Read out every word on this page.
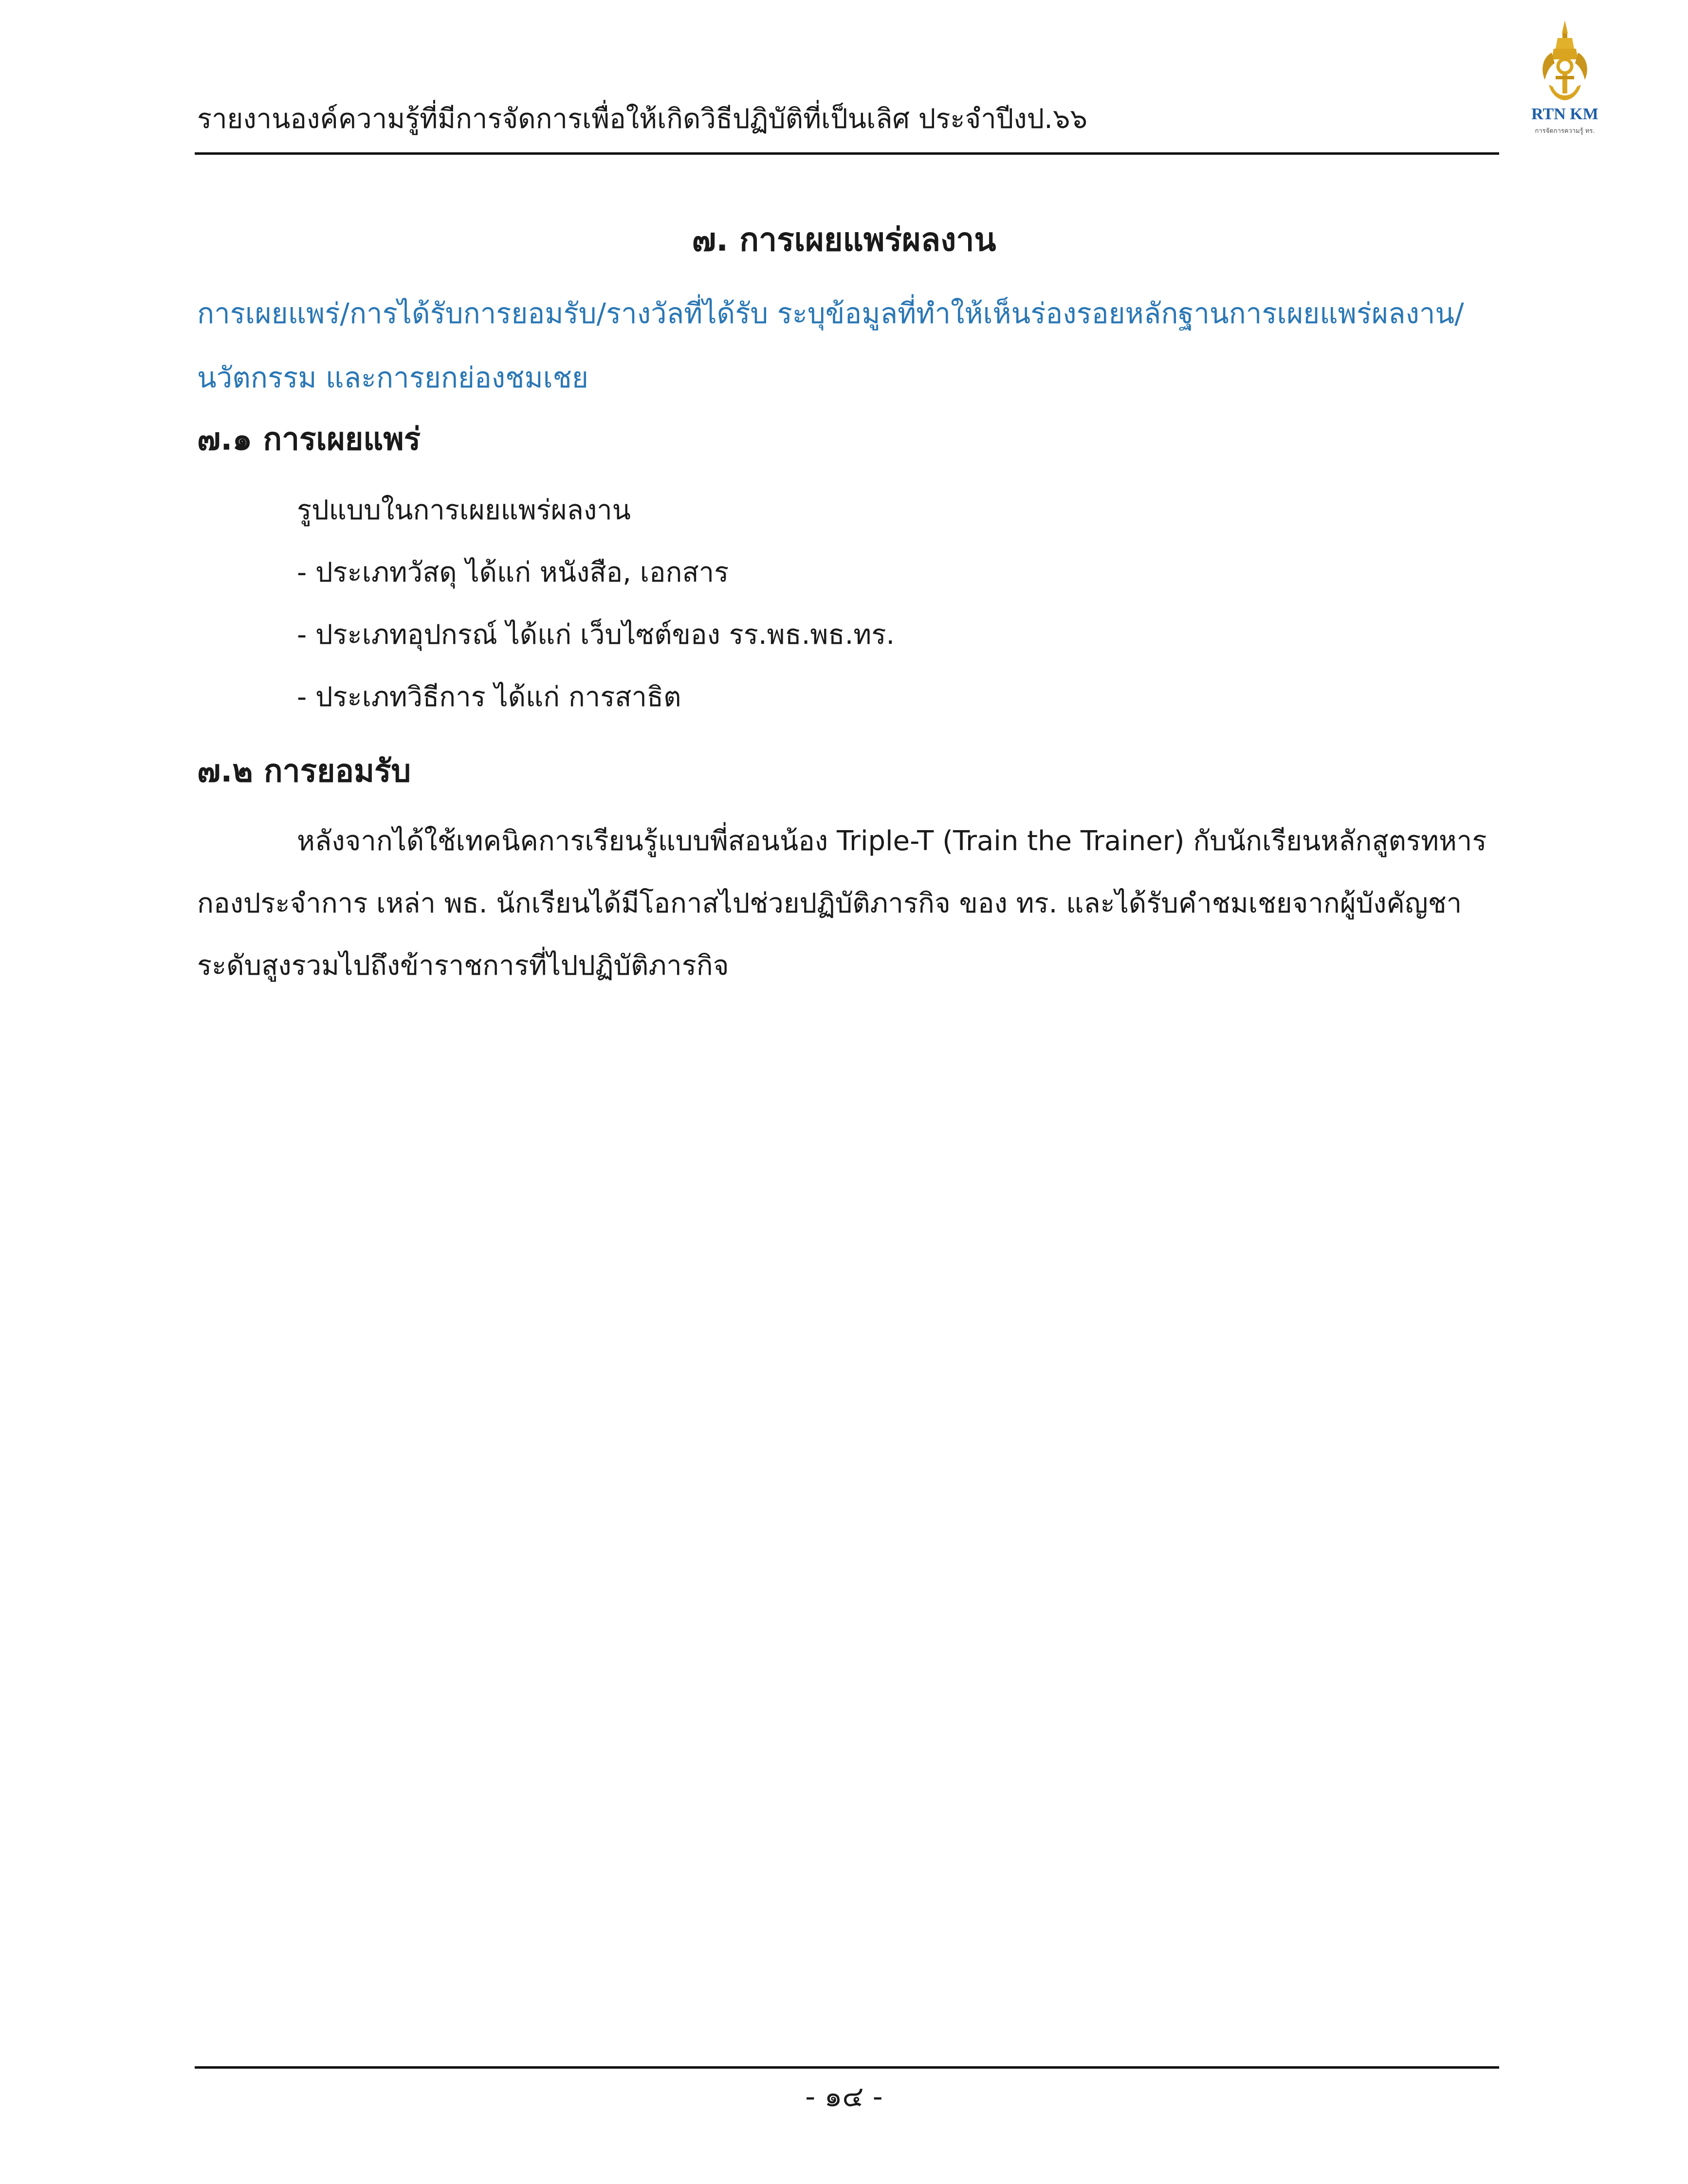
รายงานองค์ความรู้ที่มีการจัดการเพื่อให้เกิดวิธีปฏิบัติที่เป็นเลิศ ประจำปีงป.๖๖	RTN KM
การจัดการความรู้ ทร.
๗. การเผยแพร่ผลงาน
การเผยแพร่/การได้รับการยอมรับ/รางวัลที่ได้รับ ระบุข้อมูลที่ทำให้เห็นร่องรอยหลักฐานการเผยแพร่ผลงาน/
นวัตกรรม และการยกย่องชมเชย
๗.๑ การเผยแพร่
รูปแบบในการเผยแพร่ผลงาน
- ประเภทวัสดุ ได้แก่ หนังสือ, เอกสาร
- ประเภทอุปกรณ์ ได้แก่ เว็บไซต์ของ รร.พธ.พธ.ทร.
- ประเภทวิธีการ ได้แก่ การสาธิต
๗.๒ การยอมรับ
หลังจากได้ใช้เทคนิคการเรียนรู้แบบพี่สอนน้อง Triple-T (Train the Trainer) กับนักเรียนหลักสูตรทหาร
กองประจำการ เหล่า พธ. นักเรียนได้มีโอกาสไปช่วยปฏิบัติภารกิจ ของ ทร. และได้รับคำชมเชยจากผู้บังคัญชา
ระดับสูงรวมไปถึงข้าราชการที่ไปปฏิบัติภารกิจ
- ๑๔ -
